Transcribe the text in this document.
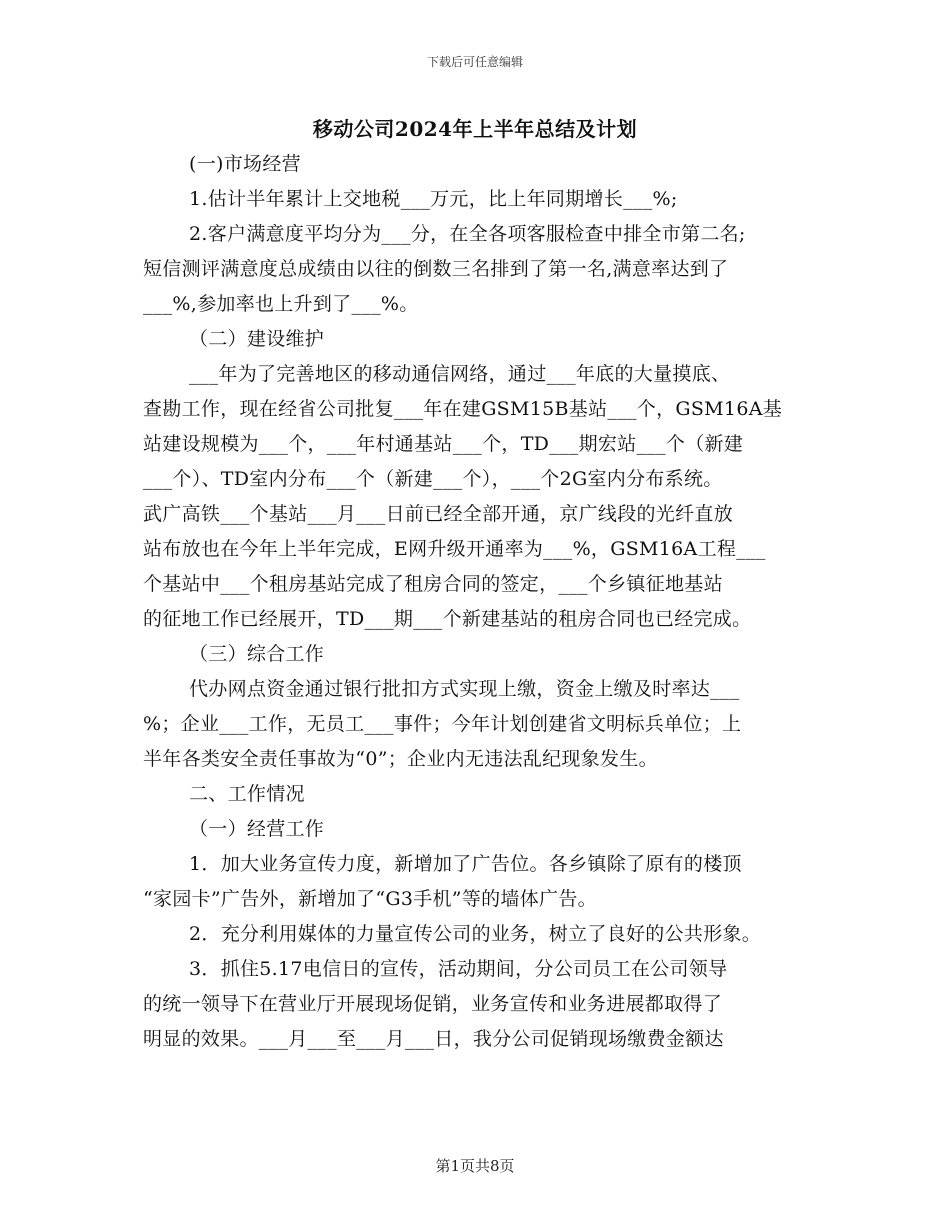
下载后可任意编辑
移动公司2024年上半年总结及计划
(一)市场经营
1.估计半年累计上交地税___万元，比上年同期增长___%;
2.客户满意度平均分为___分，在全各项客服检查中排全市第二名;
短信测评满意度总成绩由以往的倒数三名排到了第一名,满意率达到了
___%,参加率也上升到了___%。
（二）建设维护
___年为了完善地区的移动通信网络，通过___年底的大量摸底、
查勘工作，现在经省公司批复___年在建GSM15B基站___个，GSM16A基
站建设规模为___个，___年村通基站___个，TD___期宏站___个（新建
___个）、TD室内分布___个（新建___个），___个2G室内分布系统。
武广高铁___个基站___月___日前已经全部开通，京广线段的光纤直放
站布放也在今年上半年完成，E网升级开通率为___%，GSM16A工程___
个基站中___个租房基站完成了租房合同的签定，___个乡镇征地基站
的征地工作已经展开，TD___期___个新建基站的租房合同也已经完成。
（三）综合工作
代办网点资金通过银行批扣方式实现上缴，资金上缴及时率达___
%；企业___工作，无员工___事件；今年计划创建省文明标兵单位；上
半年各类安全责任事故为“0”；企业内无违法乱纪现象发生。
二、工作情况
（一）经营工作
1．加大业务宣传力度，新增加了广告位。各乡镇除了原有的楼顶
“家园卡”广告外，新增加了“G3手机”等的墙体广告。
2．充分利用媒体的力量宣传公司的业务，树立了良好的公共形象。
3．抓住5.17电信日的宣传，活动期间，分公司员工在公司领导
的统一领导下在营业厅开展现场促销，业务宣传和业务进展都取得了
明显的效果。___月___至___月___日，我分公司促销现场缴费金额达
第1页共8页
